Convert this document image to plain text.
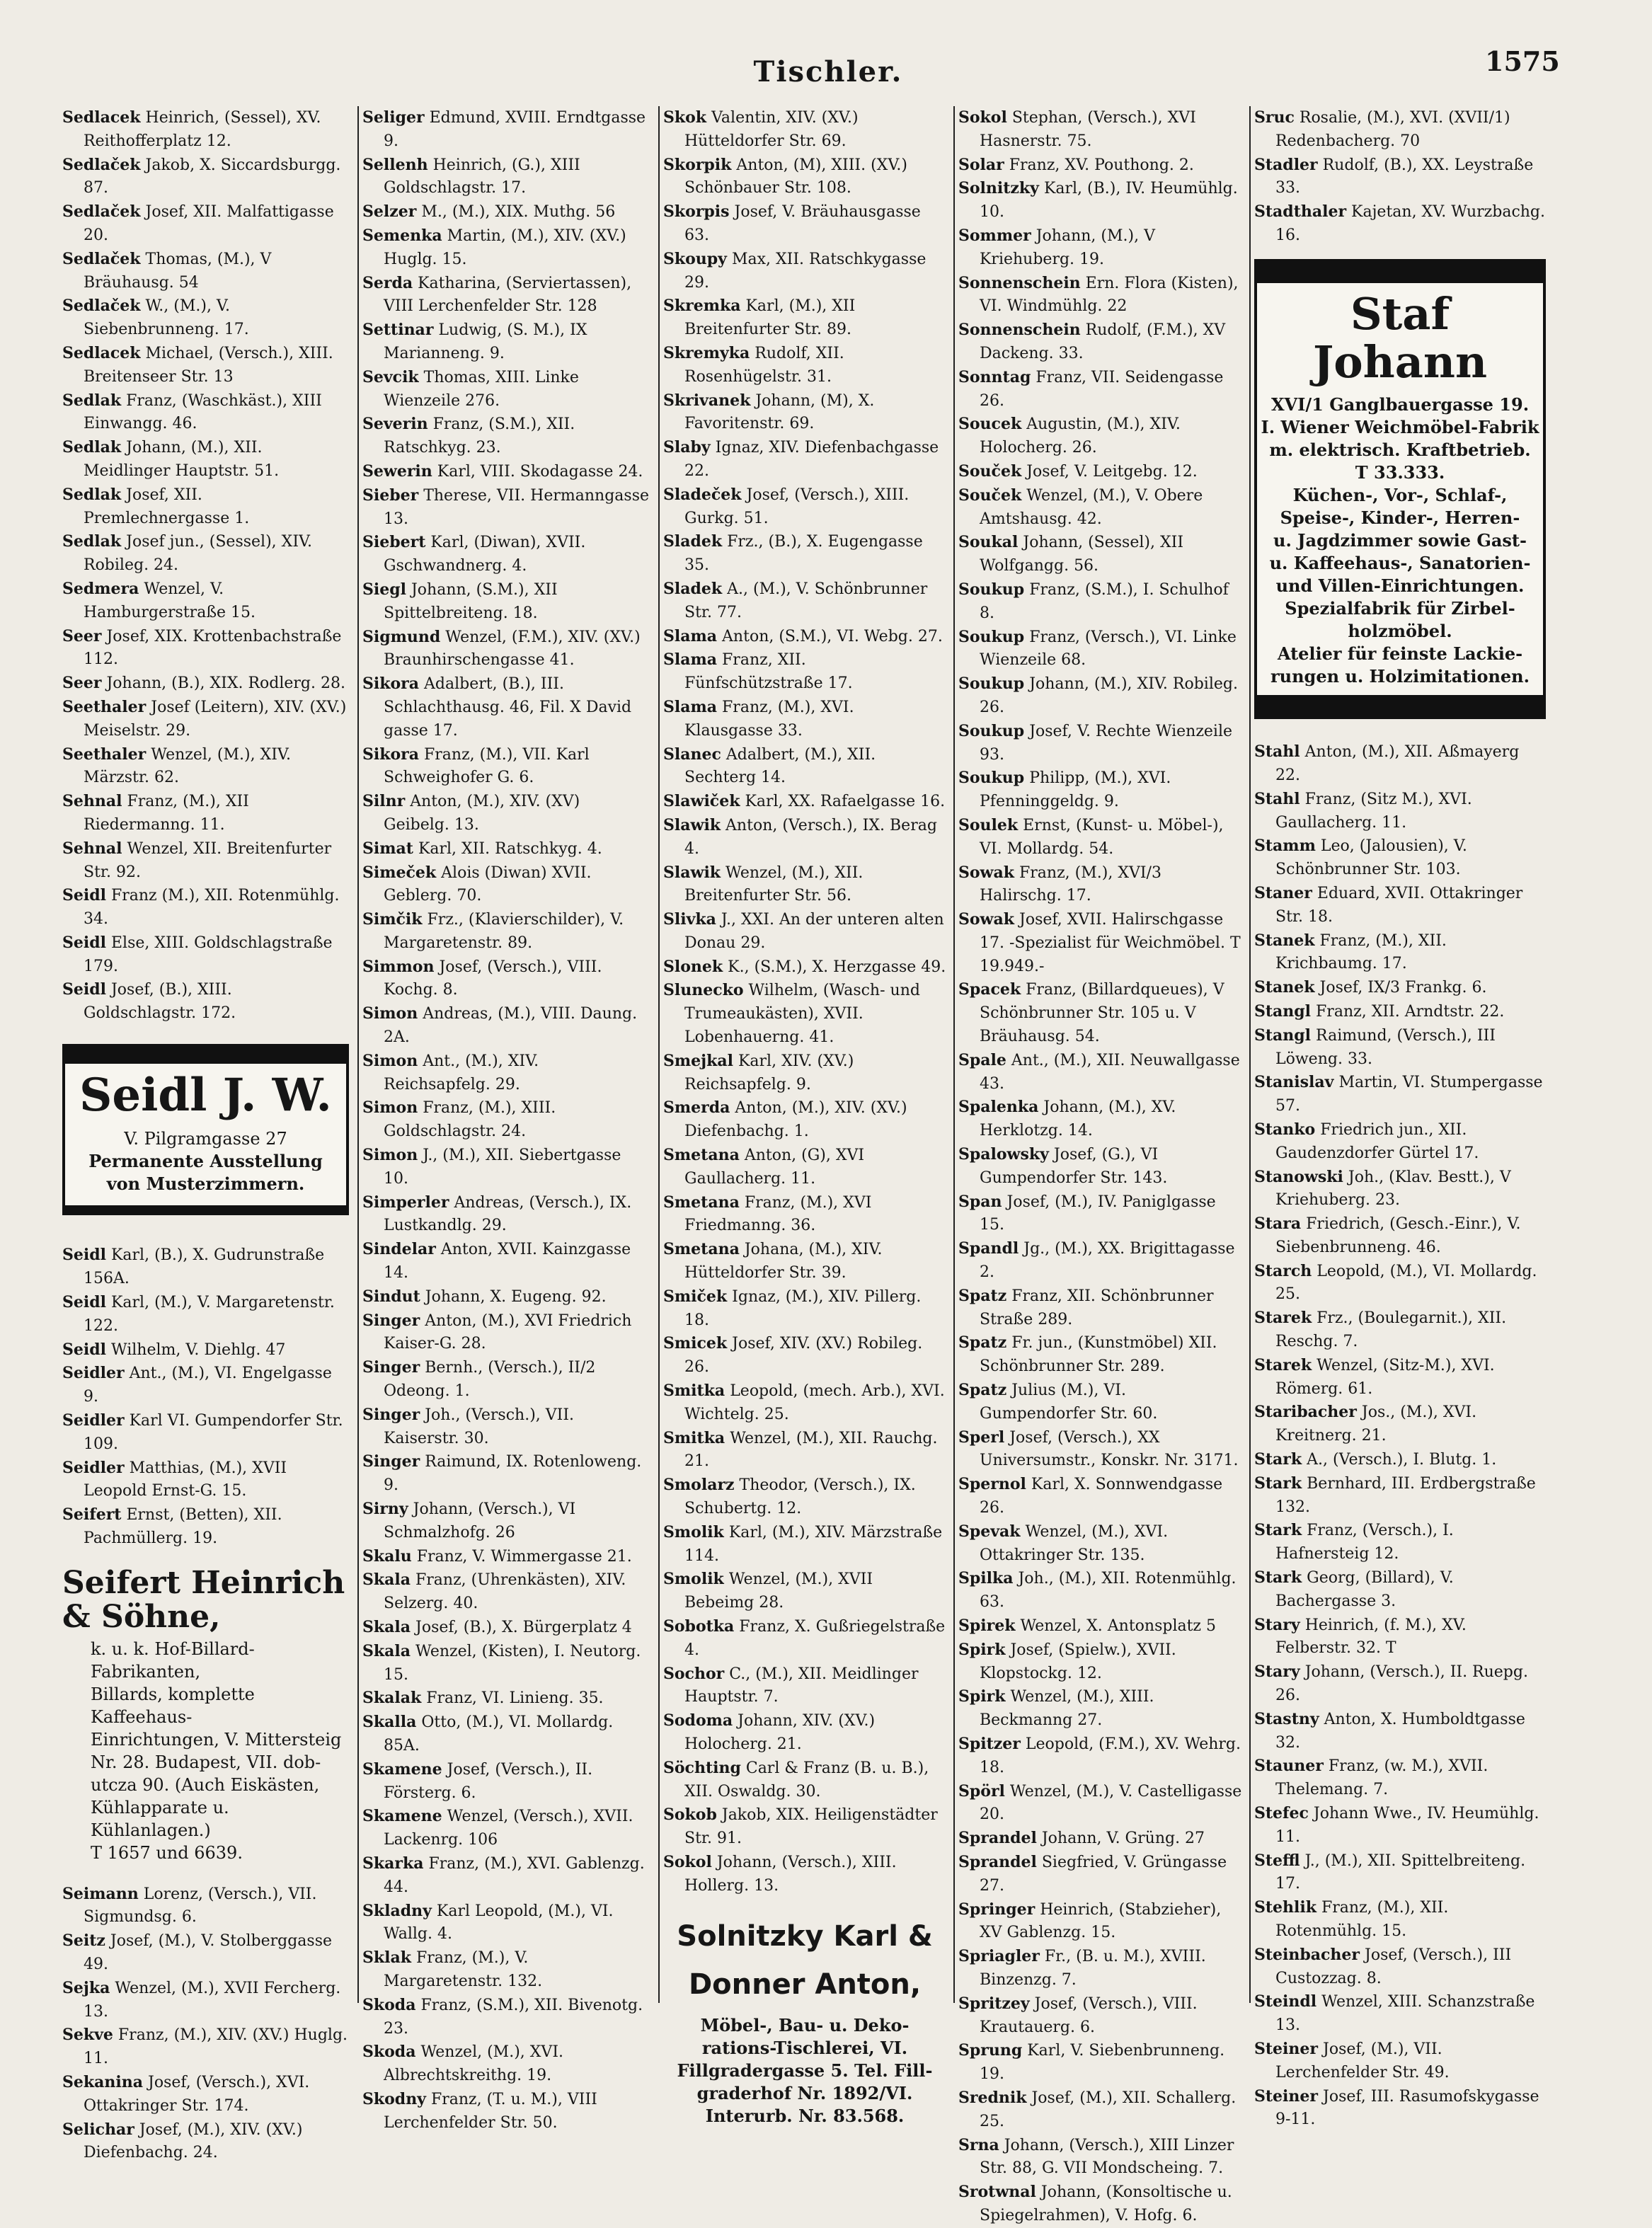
Tischler.	1575
Sedlacek Heinrich, (Sessel), XV. Reithofferplatz 12.
Sedlaček Jakob, X. Siccardsburgg. 87.
Sedlaček Josef, XII. Malfattigasse 20.
Sedlaček Thomas, (M.), V Bräuhausg. 54
Sedlaček W., (M.), V. Siebenbrunneng. 17.
Sedlacek Michael, (Versch.), XIII. Breitenseer Str. 13
Sedlak Franz, (Waschkäst.), XIII Einwangg. 46.
Sedlak Johann, (M.), XII. Meidlinger Hauptstr. 51.
Sedlak Josef, XII. Premlechnergasse 1.
Sedlak Josef jun., (Sessel), XIV. Robileg. 24.
Sedmera Wenzel, V. Hamburgerstraße 15.
Seer Josef, XIX. Krottenbachstraße 112.
Seer Johann, (B.), XIX. Rodlerg. 28.
Seethaler Josef (Leitern), XIV. (XV.) Meiselstr. 29.
Seethaler Wenzel, (M.), XIV. Märzstr. 62.
Sehnal Franz, (M.), XII Riedermanng. 11.
Sehnal Wenzel, XII. Breitenfurter Str. 92.
Seidl Franz (M.), XII. Rotenmühlg. 34.
Seidl Else, XIII. Goldschlagstraße 179.
Seidl Josef, (B.), XIII. Goldschlagstr. 172.
Seidl J. W.
V. Pilgramgasse 27
Permanente Ausstellung
von Musterzimmern.
Seidl Karl, (B.), X. Gudrunstraße 156A.
Seidl Karl, (M.), V. Margaretenstr. 122.
Seidl Wilhelm, V. Diehlg. 47
Seidler Ant., (M.), VI. Engelgasse 9.
Seidler Karl VI. Gumpendorfer Str. 109.
Seidler Matthias, (M.), XVII Leopold Ernst-G. 15.
Seifert Ernst, (Betten), XII. Pachmüllerg. 19.
Seifert Heinrich & Söhne,
k. u. k. Hof-Billard-Fabrikanten,
Billards, komplette Kaffeehaus-
Einrichtungen, V. Mittersteig
Nr. 28. Budapest, VII. dob-
utcza 90. (Auch Eiskästen,
Kühlapparate u. Kühlanlagen.)
T 1657 und 6639.
Seimann Lorenz, (Versch.), VII. Sigmundsg. 6.
Seitz Josef, (M.), V. Stolberggasse 49.
Sejka Wenzel, (M.), XVII Fercherg. 13.
Sekve Franz, (M.), XIV. (XV.) Huglg. 11.
Sekanina Josef, (Versch.), XVI. Ottakringer Str. 174.
Selichar Josef, (M.), XIV. (XV.) Diefenbachg. 24.
Seliger Edmund, XVIII. Erndtgasse 9.
Sellenh Heinrich, (G.), XIII Goldschlagstr. 17.
Selzer M., (M.), XIX. Muthg. 56
Semenka Martin, (M.), XIV. (XV.) Huglg. 15.
Serda Katharina, (Serviertassen), VIII Lerchenfelder Str. 128
Settinar Ludwig, (S. M.), IX Marianneng. 9.
Sevcik Thomas, XIII. Linke Wienzeile 276.
Severin Franz, (S.M.), XII. Ratschkyg. 23.
Sewerin Karl, VIII. Skodagasse 24.
Sieber Therese, VII. Hermanngasse 13.
Siebert Karl, (Diwan), XVII. Gschwandnerg. 4.
Siegl Johann, (S.M.), XII Spittelbreiteng. 18.
Sigmund Wenzel, (F.M.), XIV. (XV.) Braunhirschengasse 41.
Sikora Adalbert, (B.), III. Schlachthausg. 46, Fil. X David gasse 17.
Sikora Franz, (M.), VII. Karl Schweighofer G. 6.
Silnr Anton, (M.), XIV. (XV) Geibelg. 13.
Simat Karl, XII. Ratschkyg. 4.
Simeček Alois (Diwan) XVII. Geblerg. 70.
Simčik Frz., (Klavierschilder), V. Margaretenstr. 89.
Simmon Josef, (Versch.), VIII. Kochg. 8.
Simon Andreas, (M.), VIII. Daung. 2A.
Simon Ant., (M.), XIV. Reichsapfelg. 29.
Simon Franz, (M.), XIII. Goldschlagstr. 24.
Simon J., (M.), XII. Siebertgasse 10.
Simperler Andreas, (Versch.), IX. Lustkandlg. 29.
Sindelar Anton, XVII. Kainzgasse 14.
Sindut Johann, X. Eugeng. 92.
Singer Anton, (M.), XVI Friedrich Kaiser-G. 28.
Singer Bernh., (Versch.), II/2 Odeong. 1.
Singer Joh., (Versch.), VII. Kaiserstr. 30.
Singer Raimund, IX. Rotenloweng. 9.
Sirny Johann, (Versch.), VI Schmalzhofg. 26
Skalu Franz, V. Wimmergasse 21.
Skala Franz, (Uhrenkästen), XIV. Selzerg. 40.
Skala Josef, (B.), X. Bürgerplatz 4
Skala Wenzel, (Kisten), I. Neutorg. 15.
Skalak Franz, VI. Linieng. 35.
Skalla Otto, (M.), VI. Mollardg. 85A.
Skamene Josef, (Versch.), II. Försterg. 6.
Skamene Wenzel, (Versch.), XVII. Lackenrg. 106
Skarka Franz, (M.), XVI. Gablenzg. 44.
Skladny Karl Leopold, (M.), VI. Wallg. 4.
Sklak Franz, (M.), V. Margaretenstr. 132.
Skoda Franz, (S.M.), XII. Bivenotg. 23.
Skoda Wenzel, (M.), XVI. Albrechtskreithg. 19.
Skodny Franz, (T. u. M.), VIII Lerchenfelder Str. 50.
Skok Valentin, XIV. (XV.) Hütteldorfer Str. 69.
Skorpik Anton, (M), XIII. (XV.) Schönbauer Str. 108.
Skorpis Josef, V. Bräuhausgasse 63.
Skoupy Max, XII. Ratschkygasse 29.
Skremka Karl, (M.), XII Breitenfurter Str. 89.
Skremyka Rudolf, XII. Rosenhügelstr. 31.
Skrivanek Johann, (M), X. Favoritenstr. 69.
Slaby Ignaz, XIV. Diefenbachgasse 22.
Sladeček Josef, (Versch.), XIII. Gurkg. 51.
Sladek Frz., (B.), X. Eugengasse 35.
Sladek A., (M.), V. Schönbrunner Str. 77.
Slama Anton, (S.M.), VI. Webg. 27.
Slama Franz, XII. Fünfschützstraße 17.
Slama Franz, (M.), XVI. Klausgasse 33.
Slanec Adalbert, (M.), XII. Sechterg 14.
Slawiček Karl, XX. Rafaelgasse 16.
Slawik Anton, (Versch.), IX. Berag 4.
Slawik Wenzel, (M.), XII. Breitenfurter Str. 56.
Slivka J., XXI. An der unteren alten Donau 29.
Slonek K., (S.M.), X. Herzgasse 49.
Slunecko Wilhelm, (Wasch- und Trumeaukästen), XVII. Lobenhauerng. 41.
Smejkal Karl, XIV. (XV.) Reichsapfelg. 9.
Smerda Anton, (M.), XIV. (XV.) Diefenbachg. 1.
Smetana Anton, (G), XVI Gaullacherg. 11.
Smetana Franz, (M.), XVI Friedmanng. 36.
Smetana Johana, (M.), XIV. Hütteldorfer Str. 39.
Smiček Ignaz, (M.), XIV. Pillerg. 18.
Smicek Josef, XIV. (XV.) Robileg. 26.
Smitka Leopold, (mech. Arb.), XVI. Wichtelg. 25.
Smitka Wenzel, (M.), XII. Rauchg. 21.
Smolarz Theodor, (Versch.), IX. Schubertg. 12.
Smolik Karl, (M.), XIV. Märzstraße 114.
Smolik Wenzel, (M.), XVII Bebeimg 28.
Sobotka Franz, X. Gußriegelstraße 4.
Sochor C., (M.), XII. Meidlinger Hauptstr. 7.
Sodoma Johann, XIV. (XV.) Holocherg. 21.
Söchting Carl & Franz (B. u. B.), XII. Oswaldg. 30.
Sokob Jakob, XIX. Heiligenstädter Str. 91.
Sokol Johann, (Versch.), XIII. Hollerg. 13.
Solnitzky Karl &
Donner Anton,
Möbel-, Bau- u. Deko-
rations-Tischlerei, VI.
Fillgradergasse 5. Tel. Fill-
graderhof Nr. 1892/VI.
Interurb. Nr. 83.568.
Sokol Stephan, (Versch.), XVI Hasnerstr. 75.
Solar Franz, XV. Pouthong. 2.
Solnitzky Karl, (B.), IV. Heumühlg. 10.
Sommer Johann, (M.), V Kriehuberg. 19.
Sonnenschein Ern. Flora (Kisten), VI. Windmühlg. 22
Sonnenschein Rudolf, (F.M.), XV Dackeng. 33.
Sonntag Franz, VII. Seidengasse 26.
Soucek Augustin, (M.), XIV. Holocherg. 26.
Souček Josef, V. Leitgebg. 12.
Souček Wenzel, (M.), V. Obere Amtshausg. 42.
Soukal Johann, (Sessel), XII Wolfgangg. 56.
Soukup Franz, (S.M.), I. Schulhof 8.
Soukup Franz, (Versch.), VI. Linke Wienzeile 68.
Soukup Johann, (M.), XIV. Robileg. 26.
Soukup Josef, V. Rechte Wienzeile 93.
Soukup Philipp, (M.), XVI. Pfenninggeldg. 9.
Soulek Ernst, (Kunst- u. Möbel-), VI. Mollardg. 54.
Sowak Franz, (M.), XVI/3 Halirschg. 17.
Sowak Josef, XVII. Halirschgasse 17. -Spezialist für Weichmöbel. T 19.949.-
Spacek Franz, (Billardqueues), V Schönbrunner Str. 105 u. V Bräuhausg. 54.
Spale Ant., (M.), XII. Neuwallgasse 43.
Spalenka Johann, (M.), XV. Herklotzg. 14.
Spalowsky Josef, (G.), VI Gumpendorfer Str. 143.
Span Josef, (M.), IV. Paniglgasse 15.
Spandl Jg., (M.), XX. Brigittagasse 2.
Spatz Franz, XII. Schönbrunner Straße 289.
Spatz Fr. jun., (Kunstmöbel) XII. Schönbrunner Str. 289.
Spatz Julius (M.), VI. Gumpendorfer Str. 60.
Sperl Josef, (Versch.), XX Universumstr., Konskr. Nr. 3171.
Spernol Karl, X. Sonnwendgasse 26.
Spevak Wenzel, (M.), XVI. Ottakringer Str. 135.
Spilka Joh., (M.), XII. Rotenmühlg. 63.
Spirek Wenzel, X. Antonsplatz 5
Spirk Josef, (Spielw.), XVII. Klopstockg. 12.
Spirk Wenzel, (M.), XIII. Beckmanng 27.
Spitzer Leopold, (F.M.), XV. Wehrg. 18.
Spörl Wenzel, (M.), V. Castelligasse 20.
Sprandel Johann, V. Grüng. 27
Sprandel Siegfried, V. Grüngasse 27.
Springer Heinrich, (Stabzieher), XV Gablenzg. 15.
Spriagler Fr., (B. u. M.), XVIII. Binzenzg. 7.
Spritzey Josef, (Versch.), VIII. Krautauerg. 6.
Sprung Karl, V. Siebenbrunneng. 19.
Srednik Josef, (M.), XII. Schallerg. 25.
Srna Johann, (Versch.), XIII Linzer Str. 88, G. VII Mondscheing. 7.
Srotwnal Johann, (Konsoltische u. Spiegelrahmen), V. Hofg. 6.
Sruc Rosalie, (M.), XVI. (XVII/1) Redenbacherg. 70
Stadler Rudolf, (B.), XX. Leystraße 33.
Stadthaler Kajetan, XV. Wurzbachg. 16.
Staf Johann
XVI/1 Ganglbauergasse 19.
I. Wiener Weichmöbel-Fabrik
m. elektrisch. Kraftbetrieb.
T 33.333.
Küchen-, Vor-, Schlaf-,
Speise-, Kinder-, Herren-
u. Jagdzimmer sowie Gast-
u. Kaffeehaus-, Sanatorien-
und Villen-Einrichtungen.
Spezialfabrik für Zirbel-
holzmöbel.
Atelier für feinste Lackie-
rungen u. Holzimitationen.
Stahl Anton, (M.), XII. Aßmayerg 22.
Stahl Franz, (Sitz M.), XVI. Gaullacherg. 11.
Stamm Leo, (Jalousien), V. Schönbrunner Str. 103.
Staner Eduard, XVII. Ottakringer Str. 18.
Stanek Franz, (M.), XII. Krichbaumg. 17.
Stanek Josef, IX/3 Frankg. 6.
Stangl Franz, XII. Arndtstr. 22.
Stangl Raimund, (Versch.), III Löweng. 33.
Stanislav Martin, VI. Stumpergasse 57.
Stanko Friedrich jun., XII. Gaudenzdorfer Gürtel 17.
Stanowski Joh., (Klav. Bestt.), V Kriehuberg. 23.
Stara Friedrich, (Gesch.-Einr.), V. Siebenbrunneng. 46.
Starch Leopold, (M.), VI. Mollardg. 25.
Starek Frz., (Boulegarnit.), XII. Reschg. 7.
Starek Wenzel, (Sitz-M.), XVI. Römerg. 61.
Staribacher Jos., (M.), XVI. Kreitnerg. 21.
Stark A., (Versch.), I. Blutg. 1.
Stark Bernhard, III. Erdbergstraße 132.
Stark Franz, (Versch.), I. Hafnersteig 12.
Stark Georg, (Billard), V. Bachergasse 3.
Stary Heinrich, (f. M.), XV. Felberstr. 32. T
Stary Johann, (Versch.), II. Ruepg. 26.
Stastny Anton, X. Humboldtgasse 32.
Stauner Franz, (w. M.), XVII. Thelemang. 7.
Stefec Johann Wwe., IV. Heumühlg. 11.
Steffl J., (M.), XII. Spittelbreiteng. 17.
Stehlik Franz, (M.), XII. Rotenmühlg. 15.
Steinbacher Josef, (Versch.), III Custozzag. 8.
Steindl Wenzel, XIII. Schanzstraße 13.
Steiner Josef, (M.), VII. Lerchenfelder Str. 49.
Steiner Josef, III. Rasumofskygasse 9-11.
